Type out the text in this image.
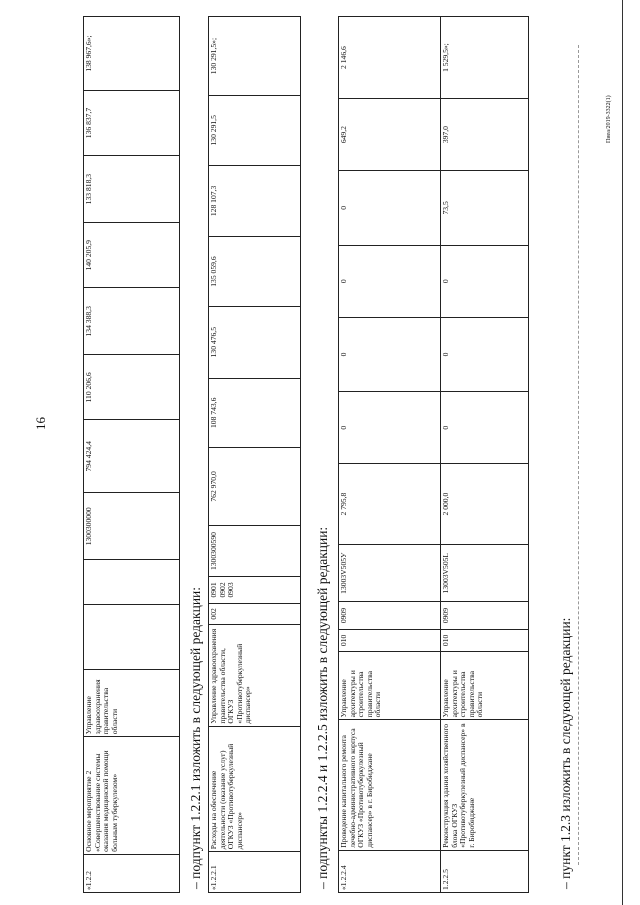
16
«1.2.2	Основное мероприятие 2 «Совершенствование системы оказания медицинской помощи больным туберкулезом»	Управление здравоохранения правительства области			1300300000	794 424,4	110 206,6	134 388,3	140 205,9	133 818,3	136 837,7	138 967,6»;
– подпункт 1.2.2.1 изложить в следующей редакции: «1.2.2.1	Расходы на обеспечение деятельности (оказание услуг) ОГКУЗ «Противотуберкулезный диспансер»	Управление здравоохранения правительства области, ОГКУЗ «Противотуберкулезный диспансер»	002	0901 0902 0903	1300300590	762 970,0	108 743,6	130 476,5	135 059,6	128 107,3	130 291,5	130 291,5»;
– подпункты 1.2.2.4 и 1.2.2.5 изложить в следующей редакции: «1.2.2.4	Проведение капитального ремонта лечебно-административного корпуса ОГКУЗ «Противотуберкулезный диспансер» в г. Биробиджане	Управление архитектуры и строительства правительства области	010	0909	13003V505У	2 795,8	0	0	0	0	649,2	2 146,6
1.2.2.5	Реконструкция здания хозяйственного блока ОГКУЗ «Противотуберкулезный диспансер» в г. Биробиджане	Управление архитектуры и строительства правительства области	010	0909	13003V505L	2 000,0	0	0	0	73,5	397,0	1 529,5»;
– пункт 1.2.3 изложить в следующей редакции:
Пиеа/2019-3322(1)
